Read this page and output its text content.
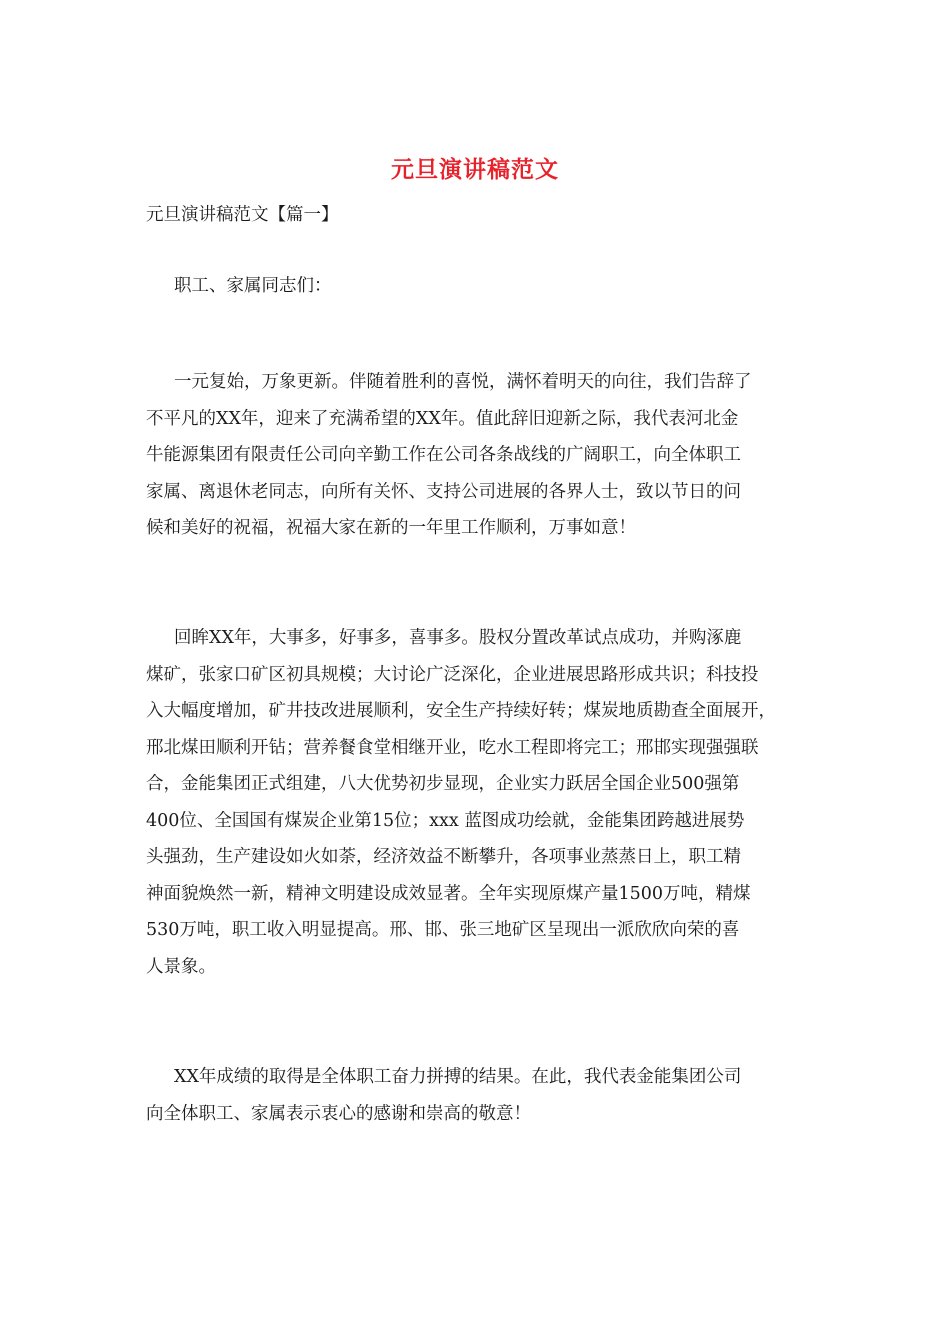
元旦演讲稿范文
元旦演讲稿范文【篇一】
职工、家属同志们：
一元复始，万象更新。伴随着胜利的喜悦，满怀着明天的向往，我们告辞了
不平凡的XX年，迎来了充满希望的XX年。值此辞旧迎新之际，我代表河北金
牛能源集团有限责任公司向辛勤工作在公司各条战线的广阔职工，向全体职工
家属、离退休老同志，向所有关怀、支持公司进展的各界人士，致以节日的问
候和美好的祝福，祝福大家在新的一年里工作顺利，万事如意！
回眸XX年，大事多，好事多，喜事多。股权分置改革试点成功，并购涿鹿
煤矿，张家口矿区初具规模；大讨论广泛深化，企业进展思路形成共识；科技投
入大幅度增加，矿井技改进展顺利，安全生产持续好转；煤炭地质勘查全面展开，
邢北煤田顺利开钻；营养餐食堂相继开业，吃水工程即将完工；邢邯实现强强联
合，金能集团正式组建，八大优势初步显现，企业实力跃居全国企业500强第
400位、全国国有煤炭企业第15位；xxx 蓝图成功绘就，金能集团跨越进展势
头强劲，生产建设如火如荼，经济效益不断攀升，各项事业蒸蒸日上，职工精
神面貌焕然一新，精神文明建设成效显著。全年实现原煤产量1500万吨，精煤
530万吨，职工收入明显提高。邢、邯、张三地矿区呈现出一派欣欣向荣的喜
人景象。
XX年成绩的取得是全体职工奋力拼搏的结果。在此，我代表金能集团公司
向全体职工、家属表示衷心的感谢和崇高的敬意！
